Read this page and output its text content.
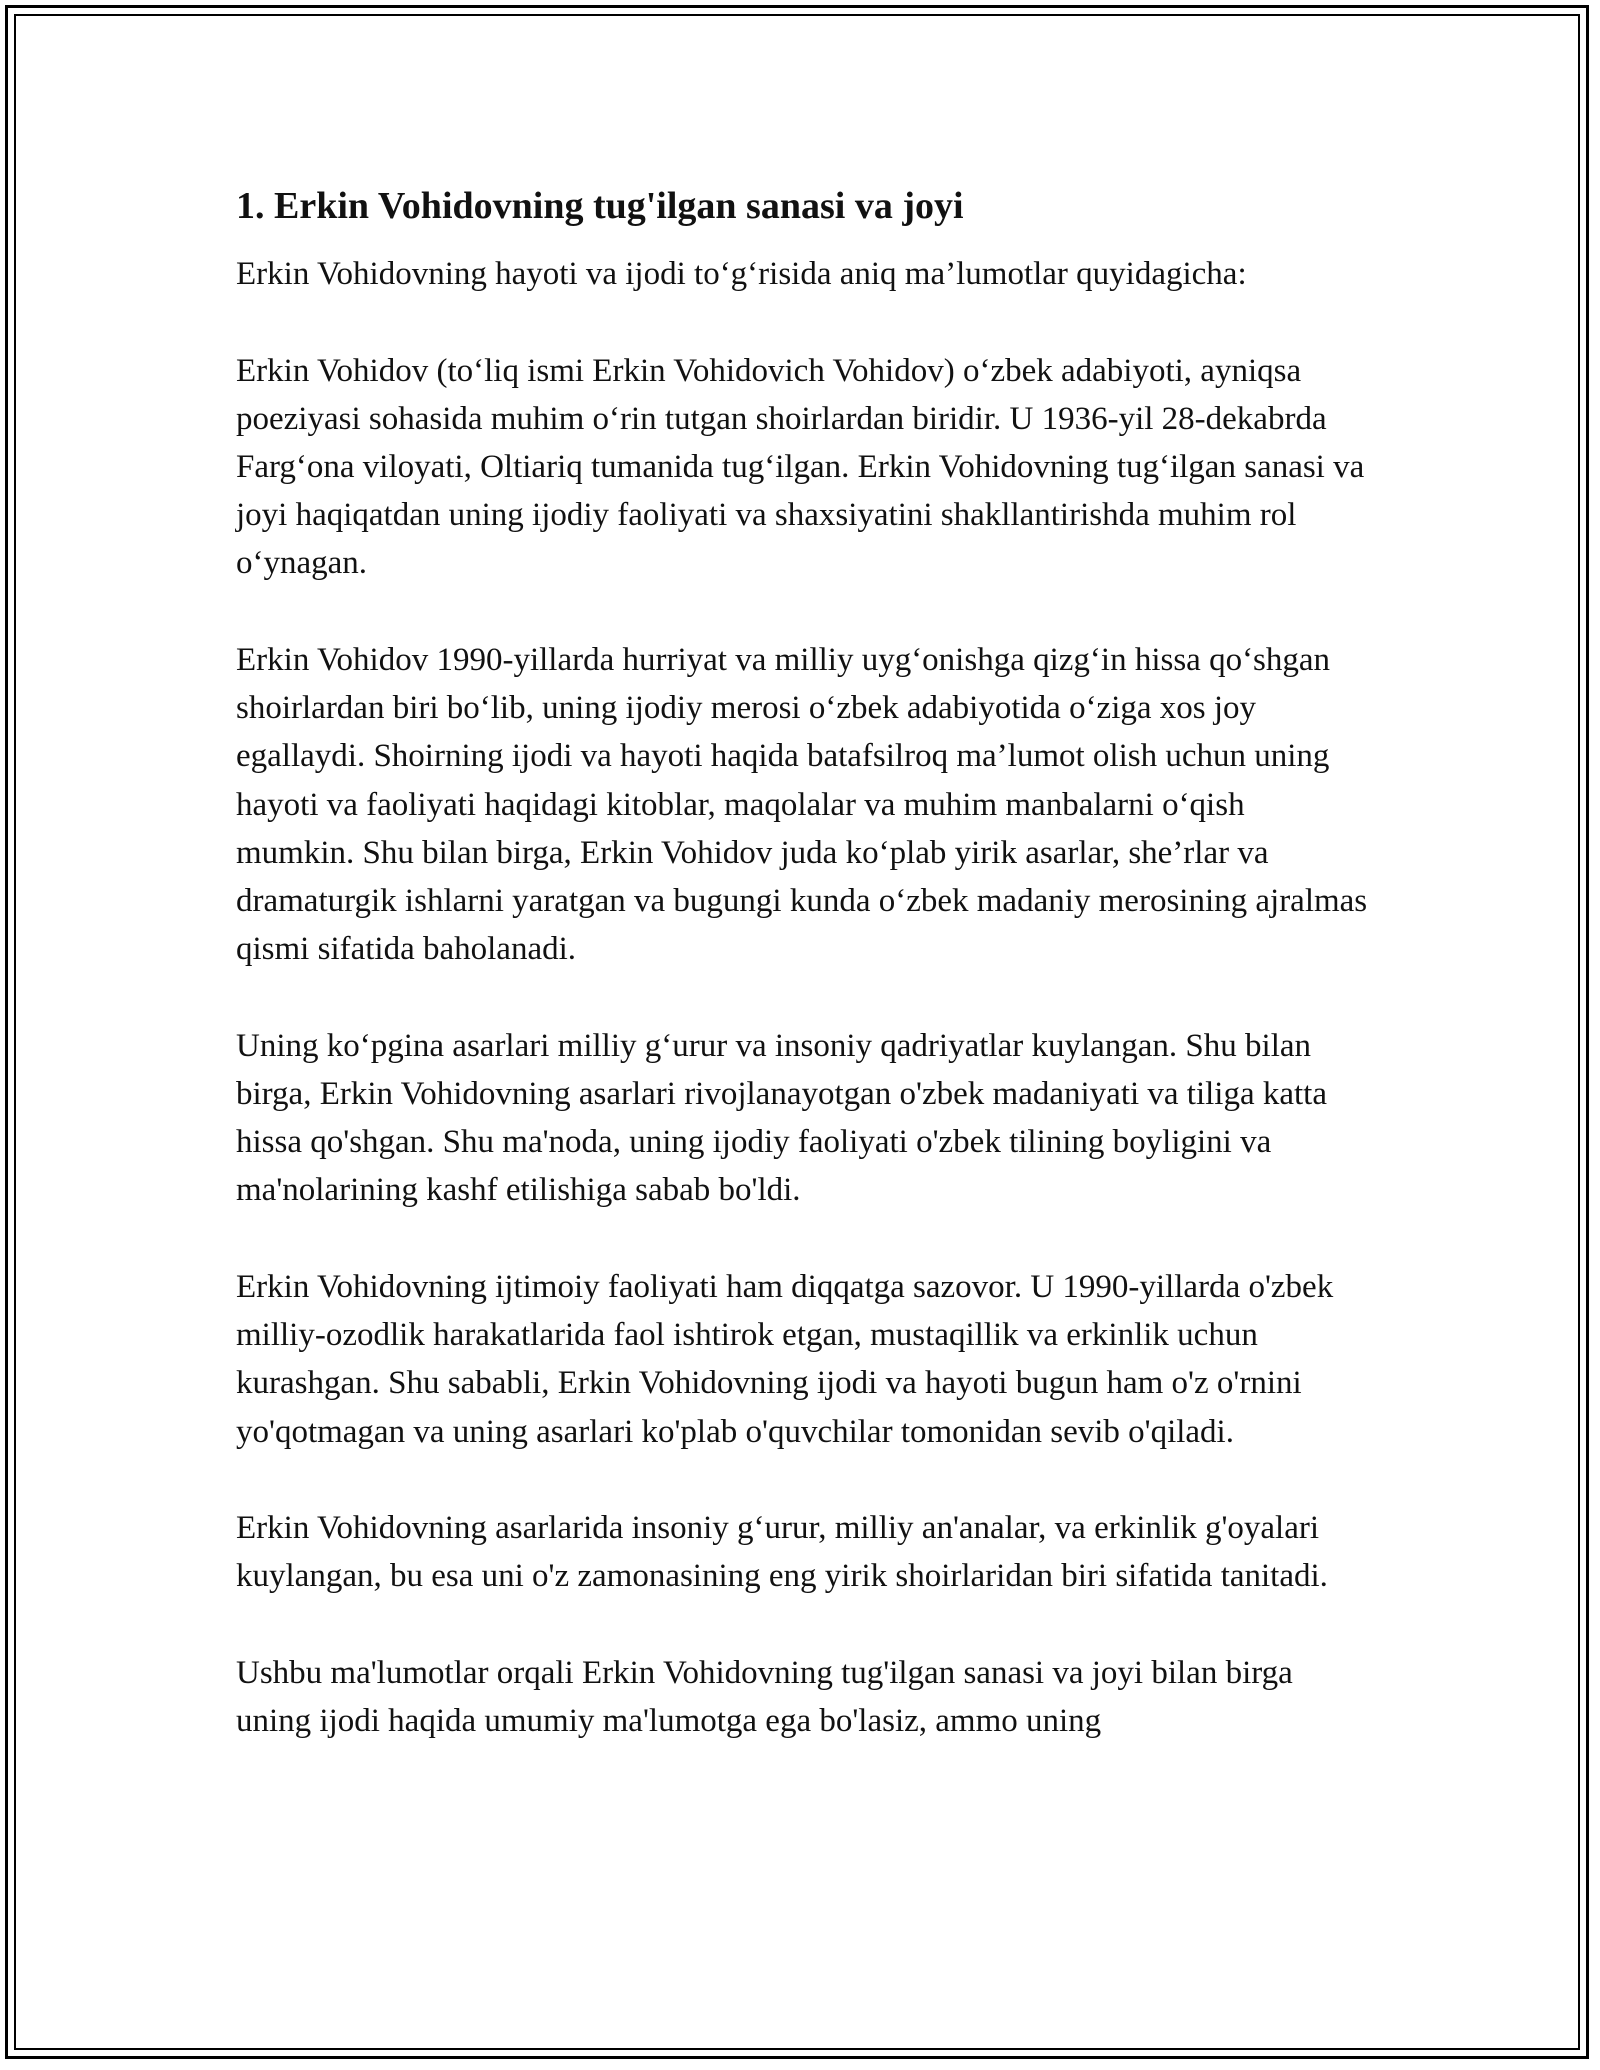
1. Erkin Vohidovning tug'ilgan sanasi va joyi

Erkin Vohidovning hayoti va ijodi to‘g‘risida aniq ma’lumotlar quyidagicha:

Erkin Vohidov (to‘liq ismi Erkin Vohidovich Vohidov) o‘zbek adabiyoti, ayniqsa poeziyasi sohasida muhim o‘rin tutgan shoirlardan biridir. U 1936-yil 28-dekabrda Farg‘ona viloyati, Oltiariq tumanida tug‘ilgan. Erkin Vohidovning tug‘ilgan sanasi va joyi haqiqatdan uning ijodiy faoliyati va shaxsiyatini shakllantirishda muhim rol o‘ynagan.

Erkin Vohidov 1990-yillarda hurriyat va milliy uyg‘onishga qizg‘in hissa qo‘shgan shoirlardan biri bo‘lib, uning ijodiy merosi o‘zbek adabiyotida o‘ziga xos joy egallaydi. Shoirning ijodi va hayoti haqida batafsilroq ma’lumot olish uchun uning hayoti va faoliyati haqidagi kitoblar, maqolalar va muhim manbalarni o‘qish mumkin. Shu bilan birga, Erkin Vohidov juda ko‘plab yirik asarlar, she’rlar va dramaturgik ishlarni yaratgan va bugungi kunda o‘zbek madaniy merosining ajralmas qismi sifatida baholanadi.

Uning ko‘pgina asarlari milliy g‘urur va insoniy qadriyatlar kuylangan. Shu bilan birga, Erkin Vohidovning asarlari rivojlanayotgan o'zbek madaniyati va tiliga katta hissa qo'shgan. Shu ma'noda, uning ijodiy faoliyati o'zbek tilining boyligini va ma'nolarining kashf etilishiga sabab bo'ldi.

Erkin Vohidovning ijtimoiy faoliyati ham diqqatga sazovor. U 1990-yillarda o'zbek milliy-ozodlik harakatlarida faol ishtirok etgan, mustaqillik va erkinlik uchun kurashgan. Shu sababli, Erkin Vohidovning ijodi va hayoti bugun ham o'z o'rnini yo'qotmagan va uning asarlari ko'plab o'quvchilar tomonidan sevib o'qiladi.

Erkin Vohidovning asarlarida insoniy g‘urur, milliy an'analar, va erkinlik g'oyalari kuylangan, bu esa uni o'z zamonasining eng yirik shoirlaridan biri sifatida tanitadi.

Ushbu ma'lumotlar orqali Erkin Vohidovning tug'ilgan sanasi va joyi bilan birga uning ijodi haqida umumiy ma'lumotga ega bo'lasiz, ammo uning
